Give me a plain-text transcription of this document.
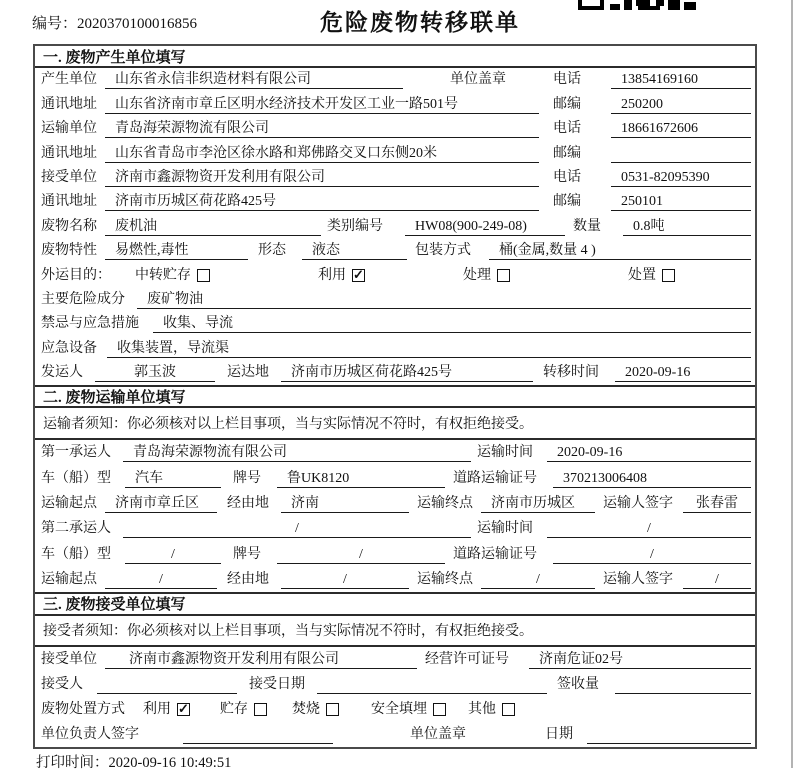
编号：2020370100016856	危险废物转移联单
一. 废物产生单位填写
产生单位	山东省永信非织造材料有限公司	单位盖章	电话	13854169160
通讯地址	山东省济南市章丘区明水经济技术开发区工业一路501号	邮编	250200
运输单位	青岛海荣源物流有限公司	电话	18661672606
通讯地址	山东省青岛市李沧区徐水路和郑佛路交叉口东侧20米	邮编
接受单位	济南市鑫源物资开发利用有限公司	电话	0531-82095390
通讯地址	济南市历城区荷花路425号	邮编	250101
废物名称	废机油	类别编号	HW08(900-249-08)	数量	0.8吨
废物特性	易燃性,毒性	形态	液态	包装方式	桶(金属,数量 4 )
外运目的： 中转贮存	利用 ✓	处理	处置
主要危险成分	废矿物油
禁忌与应急措施	收集、导流
应急设备	收集装置，导流渠
发运人	郭玉波	运达地	济南市历城区荷花路425号	转移时间	2020-09-16
二. 废物运输单位填写
运输者须知：你必须核对以上栏目事项，当与实际情况不符时，有权拒绝接受。
第一承运人	青岛海荣源物流有限公司	运输时间	2020-09-16
车（船）型	汽车	牌号	鲁UK8120	道路运输证号	370213006408
运输起点	济南市章丘区	经由地	济南	运输终点	济南市历城区	运输人签字	张春雷
第二承运人	/	运输时间	/
车（船）型	/	牌号	/	道路运输证号	/
运输起点	/	经由地	/	运输终点	/	运输人签字	/
三. 废物接受单位填写
接受者须知：你必须核对以上栏目事项，当与实际情况不符时，有权拒绝接受。
接受单位	济南市鑫源物资开发利用有限公司	经营许可证号	济南危证02号
接受人	接受日期	签收量
废物处置方式	利用 ✓ 贮存	焚烧	安全填埋	其他
单位负责人签字	单位盖章	日期
打印时间：2020-09-16 10:49:51
